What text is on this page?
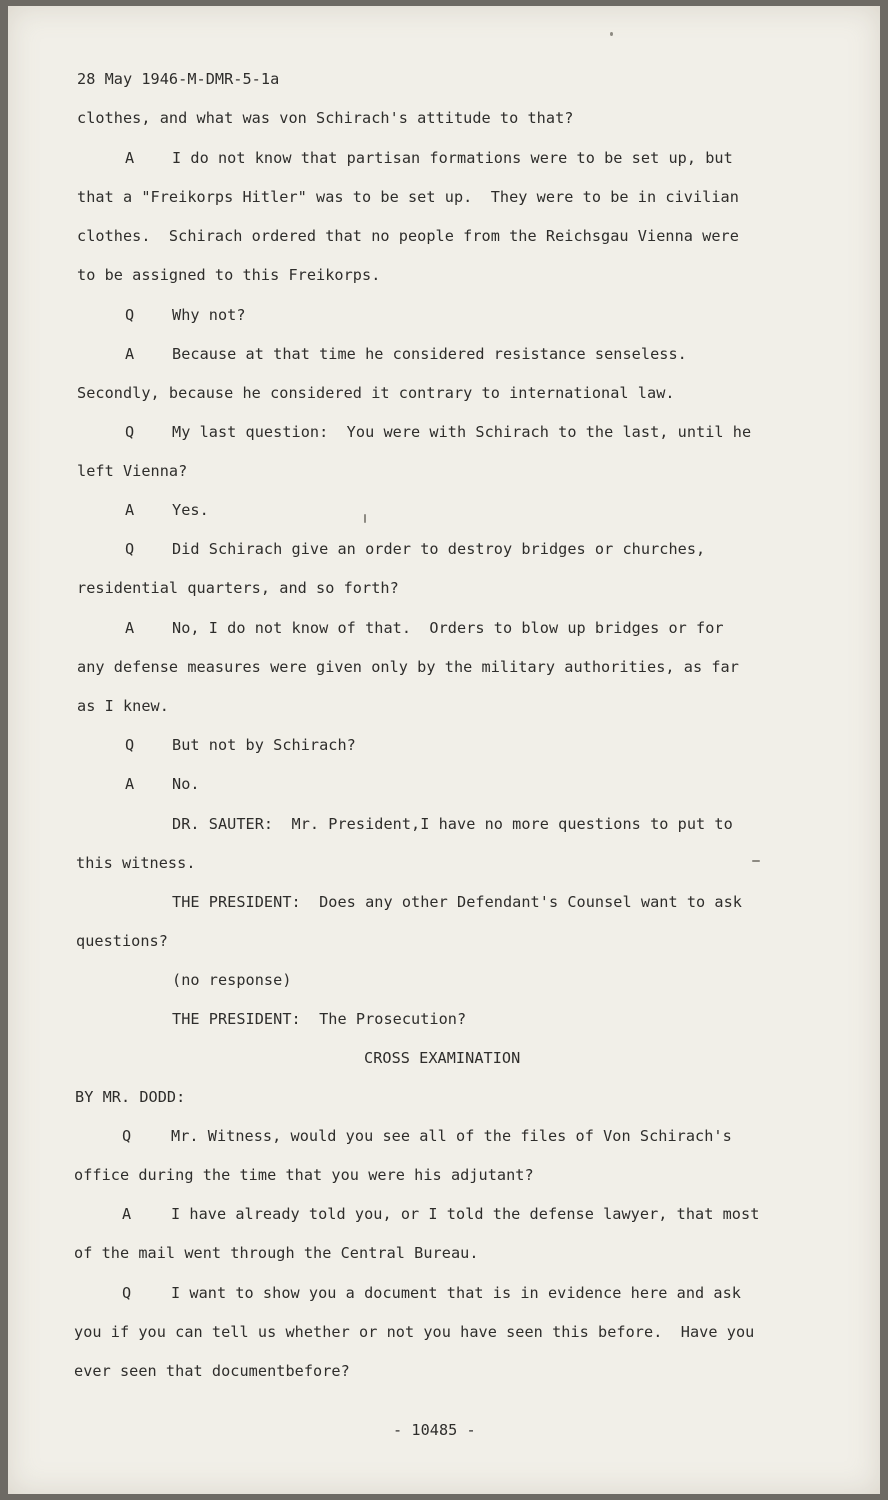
28 May 1946-M-DMR-5-1a

clothes, and what was von Schirach's attitude to that?

A I do not know that partisan formations were to be set up, but

that a "Freikorps Hitler" was to be set up.  They were to be in civilian

clothes.  Schirach ordered that no people from the Reichsgau Vienna were

to be assigned to this Freikorps.

Q Why not?

A Because at that time he considered resistance senseless.

Secondly, because he considered it contrary to international law.

Q My last question:  You were with Schirach to the last, until he

left Vienna?

A Yes.

Q Did Schirach give an order to destroy bridges or churches,

residential quarters, and so forth?

A No, I do not know of that.  Orders to blow up bridges or for

any defense measures were given only by the military authorities, as far

as I knew.

Q But not by Schirach?

A No.

DR. SAUTER:  Mr. President,I have no more questions to put to

this witness.

THE PRESIDENT:  Does any other Defendant's Counsel want to ask

questions?

(no response)

THE PRESIDENT:  The Prosecution?

CROSS EXAMINATION

BY MR. DODD:

Q	Mr. Witness, would you see all of the files of Von Schirach's

office during the time that you were his adjutant?

A	I have already told you, or I told the defense lawyer, that most

of the mail went through the Central Bureau.

Q	I want to show you a document that is in evidence here and ask

you if you can tell us whether or not you have seen this before.  Have you

ever seen that documentbefore?

- 10485 -
